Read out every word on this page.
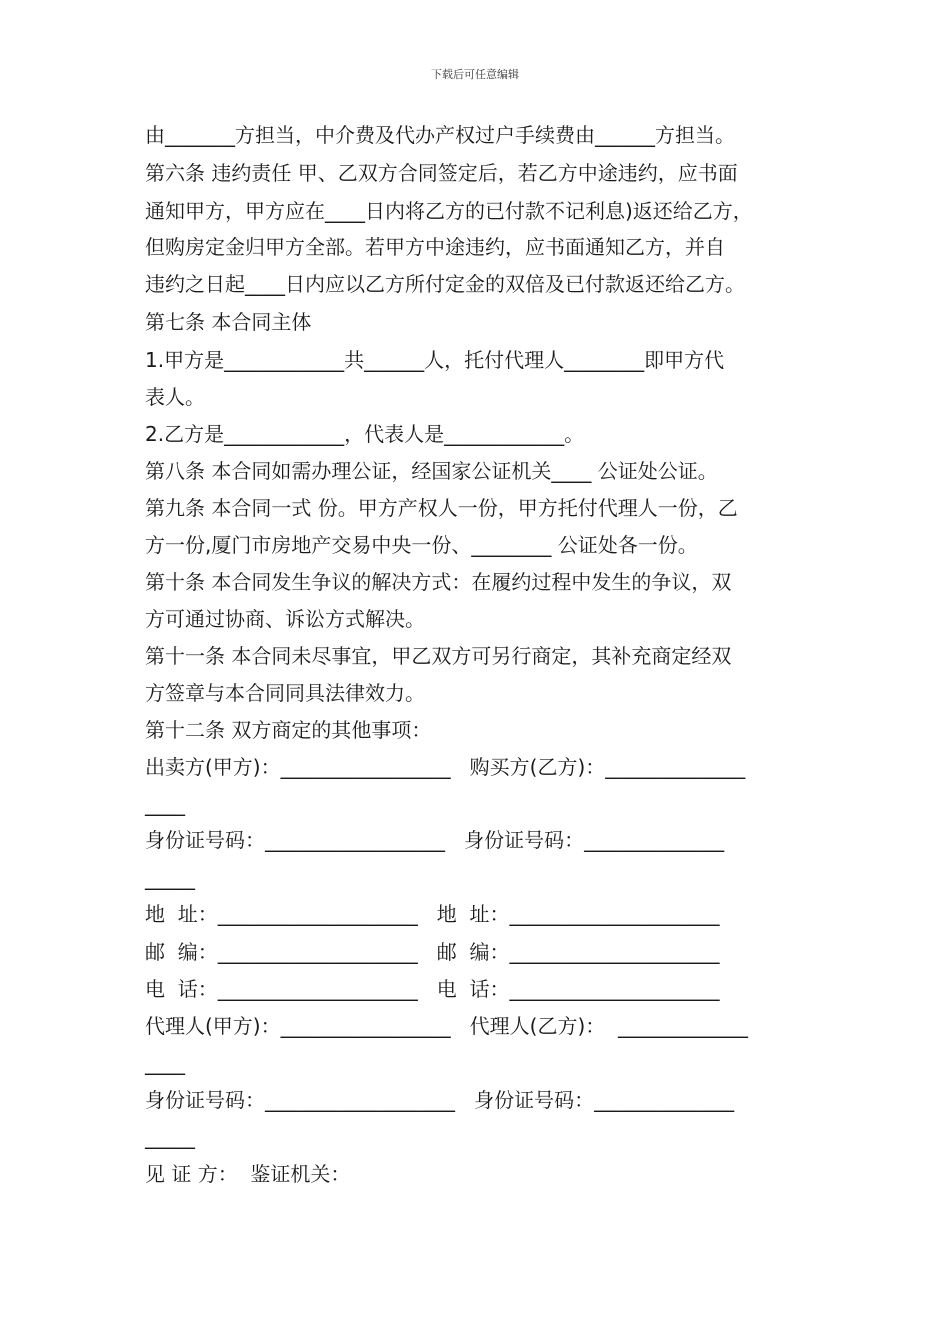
下载后可任意编辑
由_______方担当，中介费及代办产权过户手续费由______方担当。
第六条 违约责任 甲、乙双方合同签定后，若乙方中途违约，应书面
通知甲方，甲方应在____日内将乙方的已付款不记利息)返还给乙方，
但购房定金归甲方全部。若甲方中途违约，应书面通知乙方，并自
违约之日起____日内应以乙方所付定金的双倍及已付款返还给乙方。
第七条 本合同主体
1.甲方是____________共______人，托付代理人________即甲方代
表人。
2.乙方是____________，代表人是____________。
第八条 本合同如需办理公证，经国家公证机关____ 公证处公证。
第九条 本合同一式 份。甲方产权人一份，甲方托付代理人一份，乙
方一份,厦门市房地产交易中央一份、________ 公证处各一份。
第十条 本合同发生争议的解决方式：在履约过程中发生的争议，双
方可通过协商、诉讼方式解决。
第十一条 本合同未尽事宜，甲乙双方可另行商定，其补充商定经双
方签章与本合同同具法律效力。
第十二条 双方商定的其他事项：
出卖方(甲方)：_________________   购买方(乙方)：______________
____
身份证号码：__________________   身份证号码：______________
_____
地  址：____________________   地  址：_____________________
邮  编：____________________   邮  编：_____________________
电  话：____________________   电  话：_____________________
代理人(甲方)：_________________   代理人(乙方)：  _____________
____
身份证号码：___________________   身份证号码：______________
_____
见 证 方：  鉴证机关：
